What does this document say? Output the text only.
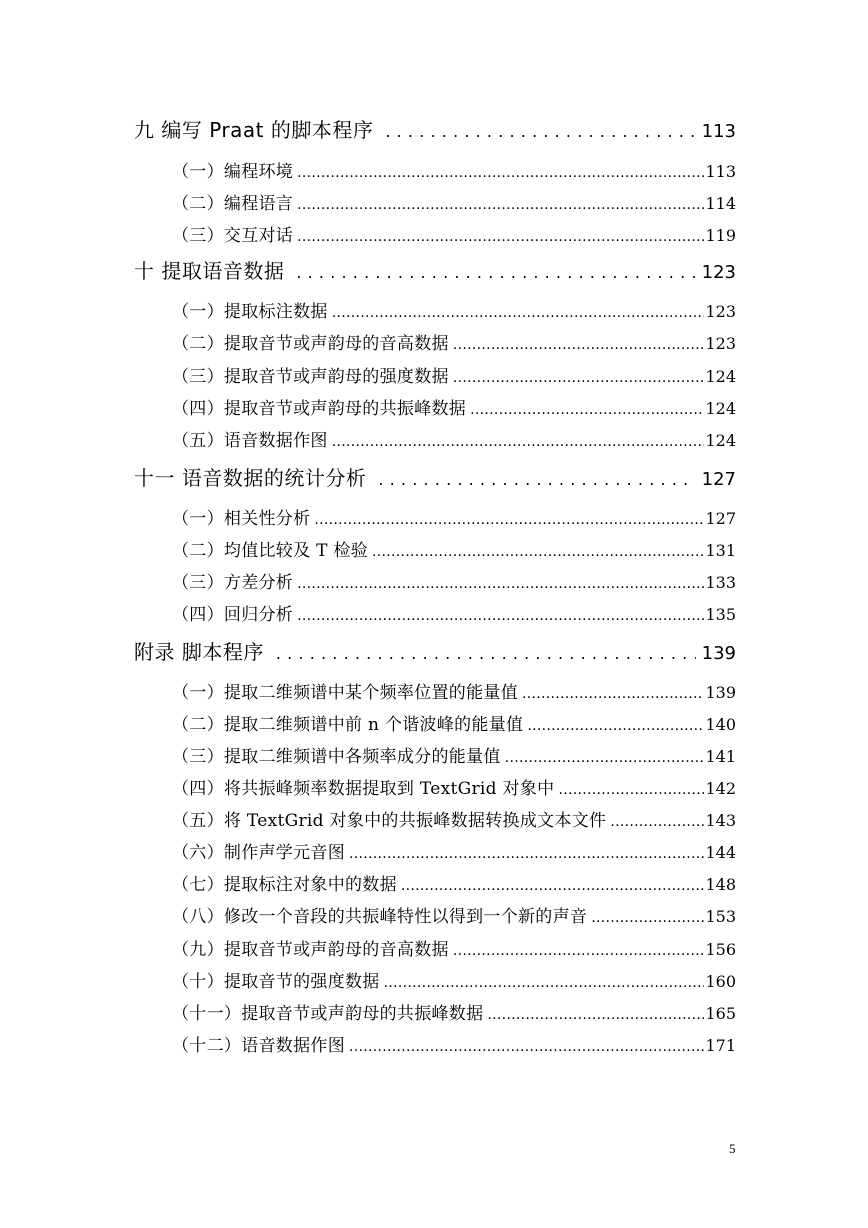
九 编写 Praat 的脚本程序 .....	113
（一）编程环境 .....	113
（二）编程语言 .....	114
（三）交互对话 .....	119
十 提取语音数据 .....	123
（一）提取标注数据 .....	123
（二）提取音节或声韵母的音高数据 .....	123
（三）提取音节或声韵母的强度数据 .....	124
（四）提取音节或声韵母的共振峰数据 .....	124
（五）语音数据作图 .....	124
十一 语音数据的统计分析 .....	127
（一）相关性分析 .....	127
（二）均值比较及 T 检验 .....	131
（三）方差分析 .....	133
（四）回归分析 .....	135
附录 脚本程序 .....	139
（一）提取二维频谱中某个频率位置的能量值 .....	139
（二）提取二维频谱中前 n 个谐波峰的能量值 .....	140
（三）提取二维频谱中各频率成分的能量值 .....	141
（四）将共振峰频率数据提取到 TextGrid 对象中 .....	142
（五）将 TextGrid 对象中的共振峰数据转换成文本文件 .....	143
（六）制作声学元音图 .....	144
（七）提取标注对象中的数据 .....	148
（八）修改一个音段的共振峰特性以得到一个新的声音 .....	153
（九）提取音节或声韵母的音高数据 .....	156
（十）提取音节的强度数据 .....	160
（十一）提取音节或声韵母的共振峰数据 .....	165
（十二）语音数据作图 .....	171
5
